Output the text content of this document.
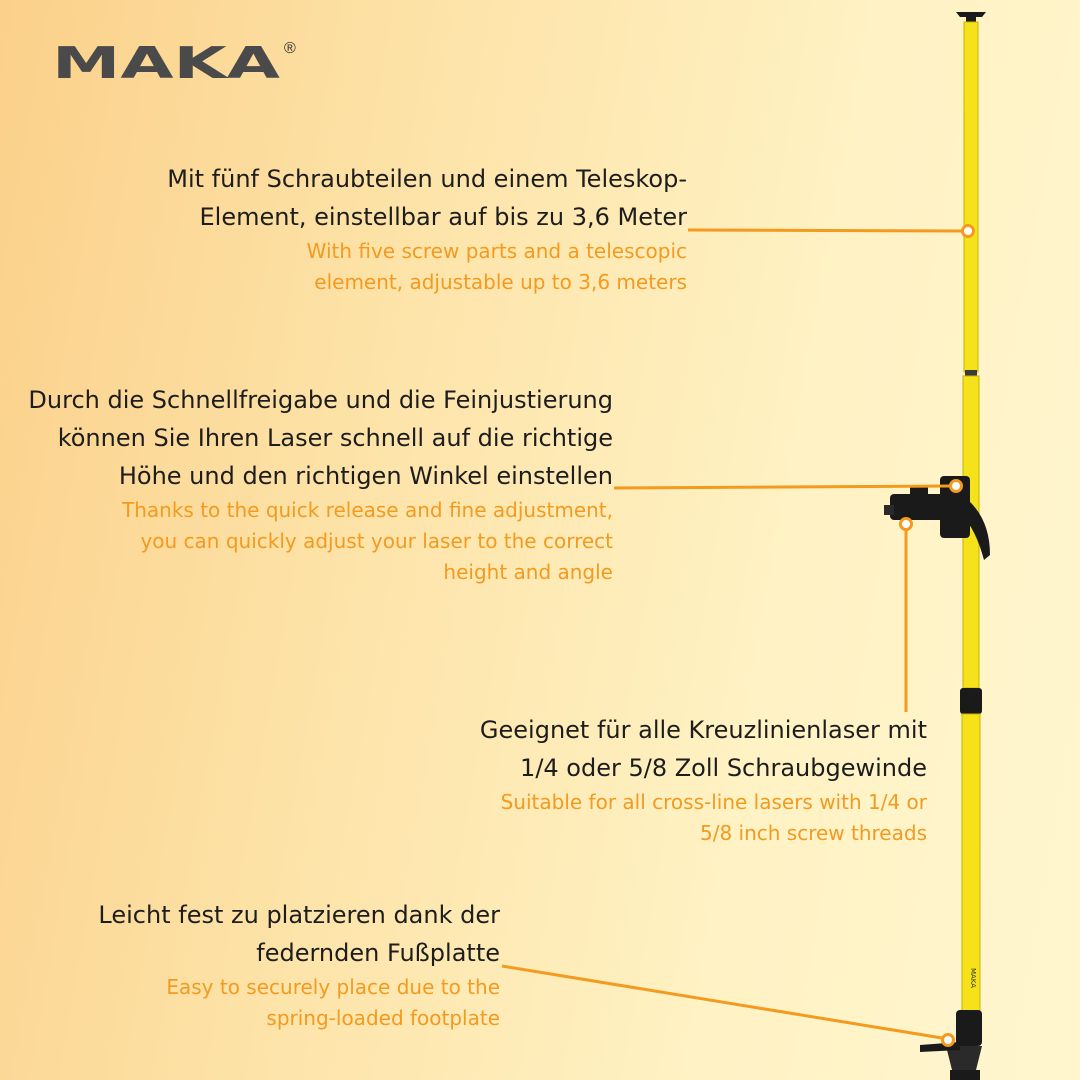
MAKA
MAKA ®

Mit fünf Schraubteilen und einem Teleskop-
Element, einstellbar auf bis zu 3,6 Meter

With five screw parts and a telescopic
element, adjustable up to 3,6 meters

Durch die Schnellfreigabe und die Feinjustierung
können Sie Ihren Laser schnell auf die richtige
Höhe und den richtigen Winkel einstellen

Thanks to the quick release and fine adjustment,
you can quickly adjust your laser to the correct
height and angle

Geeignet für alle Kreuzlinienlaser mit
1/4 oder 5/8 Zoll Schraubgewinde

Suitable for all cross-line lasers with 1/4 or
5/8 inch screw threads

Leicht fest zu platzieren dank der
federnden Fußplatte

Easy to securely place due to the
spring-loaded footplate
